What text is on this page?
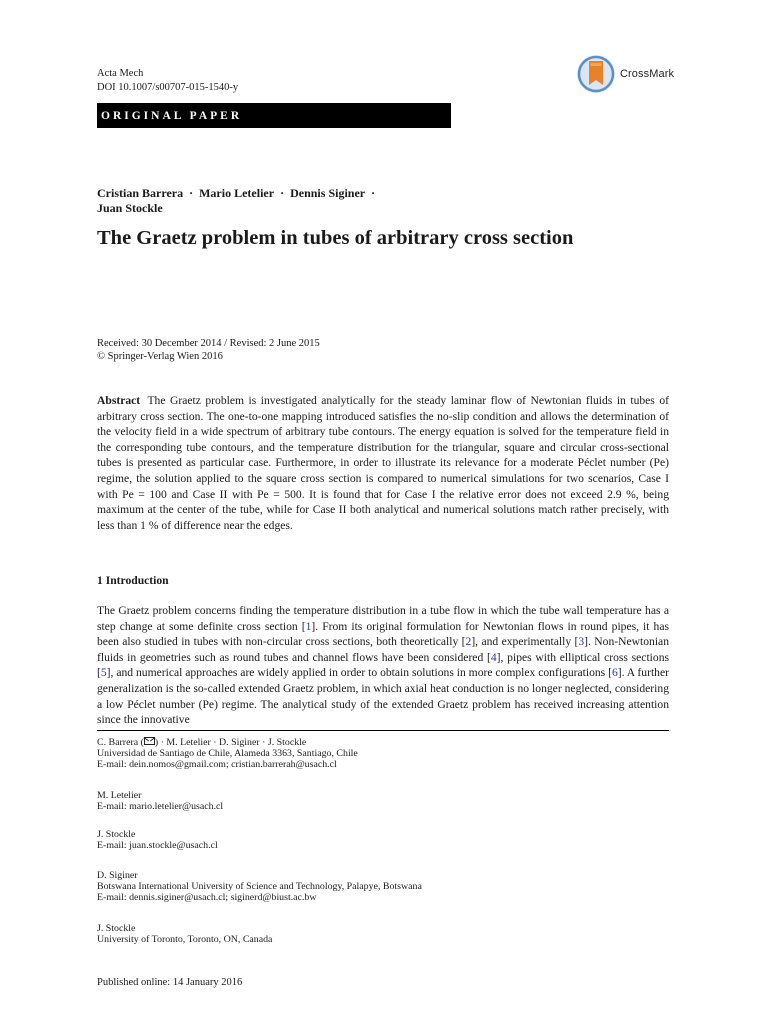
Acta Mech
DOI 10.1007/s00707-015-1540-y
CrossMark
ORIGINAL PAPER
Cristian Barrera · Mario Letelier · Dennis Siginer ·
Juan Stockle
The Graetz problem in tubes of arbitrary cross section
Received: 30 December 2014 / Revised: 2 June 2015
© Springer-Verlag Wien 2016

Abstract The Graetz problem is investigated analytically for the steady laminar flow of Newtonian fluids in tubes of arbitrary cross section. The one-to-one mapping introduced satisfies the no-slip condition and allows the determination of the velocity field in a wide spectrum of arbitrary tube contours. The energy equation is solved for the temperature field in the corresponding tube contours, and the temperature distribution for the triangular, square and circular cross-sectional tubes is presented as particular case. Furthermore, in order to illustrate its relevance for a moderate Péclet number (Pe) regime, the solution applied to the square cross section is compared to numerical simulations for two scenarios, Case I with Pe = 100 and Case II with Pe = 500. It is found that for Case I the relative error does not exceed 2.9 %, being maximum at the center of the tube, while for Case II both analytical and numerical solutions match rather precisely, with less than 1 % of difference near the edges.

1 Introduction

The Graetz problem concerns finding the temperature distribution in a tube flow in which the tube wall temperature has a step change at some definite cross section [1]. From its original formulation for Newtonian flows in round pipes, it has been also studied in tubes with non-circular cross sections, both theoretically [2], and experimentally [3]. Non-Newtonian fluids in geometries such as round tubes and channel flows have been considered [4], pipes with elliptical cross sections [5], and numerical approaches are widely applied in order to obtain solutions in more complex configurations [6]. A further generalization is the so-called extended Graetz problem, in which axial heat conduction is no longer neglected, considering a low Péclet number (Pe) regime. The analytical study of the extended Graetz problem has received increasing attention since the innovative

C. Barrera ( ) · M. Letelier · D. Siginer · J. Stockle
Universidad de Santiago de Chile, Alameda 3363, Santiago, Chile
E-mail: dein.nomos@gmail.com; cristian.barrerah@usach.cl
M. Letelier
E-mail: mario.letelier@usach.cl
J. Stockle
E-mail: juan.stockle@usach.cl
D. Siginer
Botswana International University of Science and Technology, Palapye, Botswana
E-mail: dennis.siginer@usach.cl; siginerd@biust.ac.bw
J. Stockle
University of Toronto, Toronto, ON, Canada
Published online: 14 January 2016
